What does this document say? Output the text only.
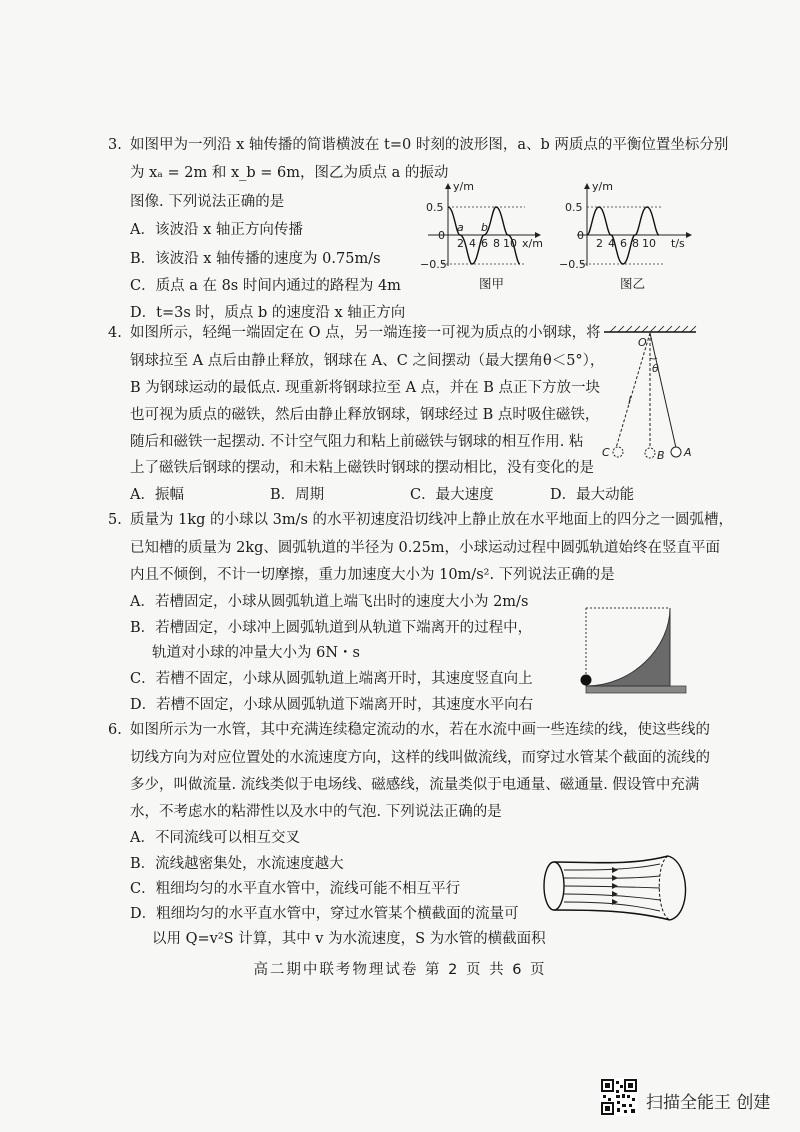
3. 如图甲为一列沿 x 轴传播的简谐横波在 t=0 时刻的波形图，a、b 两质点的平衡位置坐标分别
为 xₐ = 2m 和 x_b = 6m，图乙为质点 a 的振动
图像. 下列说法正确的是
A．该波沿 x 轴正方向传播
B．该波沿 x 轴传播的速度为 0.75m/s
C．质点 a 在 8s 时间内通过的路程为 4m
D．t=3s 时，质点 b 的速度沿 x 轴正方向
y/m
0.5
0
−0.5
2 4 6 8 10 x/m
a b
图甲
y/m
0.5
0
−0.5
2 4 6 8 10 t/s
图乙
4. 如图所示，轻绳一端固定在 O 点，另一端连接一可视为质点的小钢球，将
钢球拉至 A 点后由静止释放，钢球在 A、C 之间摆动（最大摆角θ＜5°），
B 为钢球运动的最低点. 现重新将钢球拉至 A 点，并在 B 点正下方放一块
也可视为质点的磁铁，然后由静止释放钢球，钢球经过 B 点时吸住磁铁，
随后和磁铁一起摆动. 不计空气阻力和粘上前磁铁与钢球的相互作用. 粘
上了磁铁后钢球的摆动，和未粘上磁铁时钢球的摆动相比，没有变化的是
A．振幅	B．周期	C．最大速度	D．最大动能
O
θ
l
C	B A
5. 质量为 1kg 的小球以 3m/s 的水平初速度沿切线冲上静止放在水平地面上的四分之一圆弧槽，
已知槽的质量为 2kg、圆弧轨道的半径为 0.25m，小球运动过程中圆弧轨道始终在竖直平面
内且不倾倒，不计一切摩擦，重力加速度大小为 10m/s². 下列说法正确的是
A．若槽固定，小球从圆弧轨道上端飞出时的速度大小为 2m/s
B．若槽固定，小球冲上圆弧轨道到从轨道下端离开的过程中，
轨道对小球的冲量大小为 6N・s
C．若槽不固定，小球从圆弧轨道上端离开时，其速度竖直向上
D．若槽不固定，小球从圆弧轨道下端离开时，其速度水平向右
6. 如图所示为一水管，其中充满连续稳定流动的水，若在水流中画一些连续的线，使这些线的
切线方向为对应位置处的水流速度方向，这样的线叫做流线，而穿过水管某个截面的流线的
多少，叫做流量. 流线类似于电场线、磁感线，流量类似于电通量、磁通量. 假设管中充满
水，不考虑水的粘滞性以及水中的气泡. 下列说法正确的是
A．不同流线可以相互交叉
B．流线越密集处，水流速度越大
C．粗细均匀的水平直水管中，流线可能不相互平行
D．粗细均匀的水平直水管中，穿过水管某个横截面的流量可
以用 Q=v²S 计算，其中 v 为水流速度，S 为水管的横截面积
高二期中联考物理试卷 第 2 页 共 6 页
扫描全能王 创建
